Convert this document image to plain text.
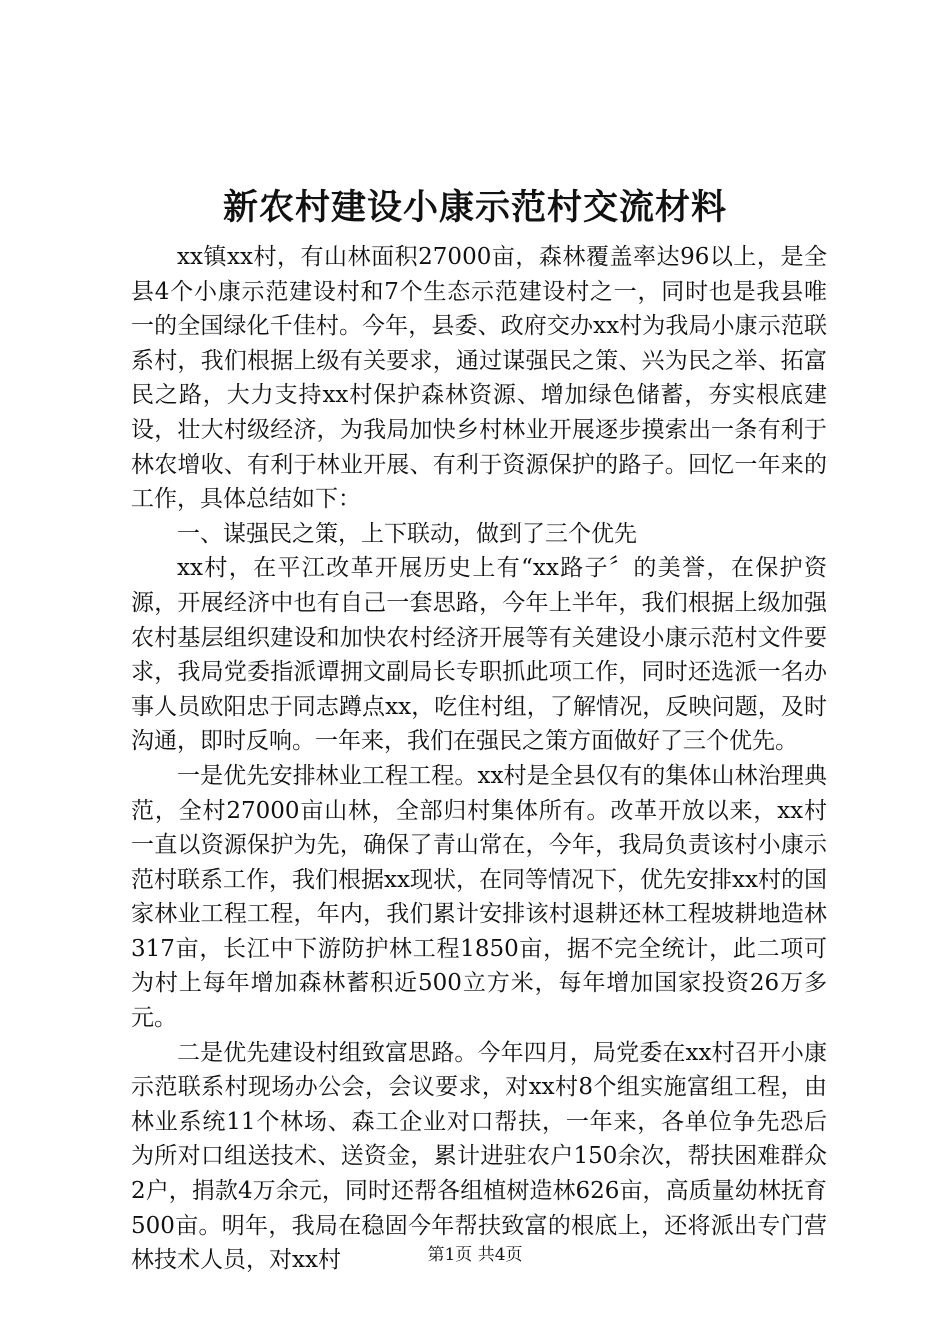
新农村建设小康示范村交流材料

xx镇xx村，有山林面积27000亩，森林覆盖率达96以上，是全县4个小康示范建设村和7个生态示范建设村之一，同时也是我县唯一的全国绿化千佳村。今年，县委、政府交办xx村为我局小康示范联系村，我们根据上级有关要求，通过谋强民之策、兴为民之举、拓富民之路，大力支持xx村保护森林资源、增加绿色储蓄，夯实根底建设，壮大村级经济，为我局加快乡村林业开展逐步摸索出一条有利于林农增收、有利于林业开展、有利于资源保护的路子。回忆一年来的工作，具体总结如下：

一、谋强民之策，上下联动，做到了三个优先

xx村，在平江改革开展历史上有“xx路子〞的美誉，在保护资源，开展经济中也有自己一套思路，今年上半年，我们根据上级加强农村基层组织建设和加快农村经济开展等有关建设小康示范村文件要求，我局党委指派谭拥文副局长专职抓此项工作，同时还选派一名办事人员欧阳忠于同志蹲点xx，吃住村组，了解情况，反映问题，及时沟通，即时反响。一年来，我们在强民之策方面做好了三个优先。

一是优先安排林业工程工程。xx村是全县仅有的集体山林治理典范，全村27000亩山林，全部归村集体所有。改革开放以来，xx村一直以资源保护为先，确保了青山常在，今年，我局负责该村小康示范村联系工作，我们根据xx现状，在同等情况下，优先安排xx村的国家林业工程工程，年内，我们累计安排该村退耕还林工程坡耕地造林317亩，长江中下游防护林工程1850亩，据不完全统计，此二项可为村上每年增加森林蓄积近500立方米，每年增加国家投资26万多元。

二是优先建设村组致富思路。今年四月，局党委在xx村召开小康示范联系村现场办公会，会议要求，对xx村8个组实施富组工程，由林业系统11个林场、森工企业对口帮扶，一年来，各单位争先恐后为所对口组送技术、送资金，累计进驻农户150余次，帮扶困难群众2户，捐款4万余元，同时还帮各组植树造林626亩，高质量幼林抚育500亩。明年，我局在稳固今年帮扶致富的根底上，还将派出专门营林技术人员，对xx村	第1页 共4页
